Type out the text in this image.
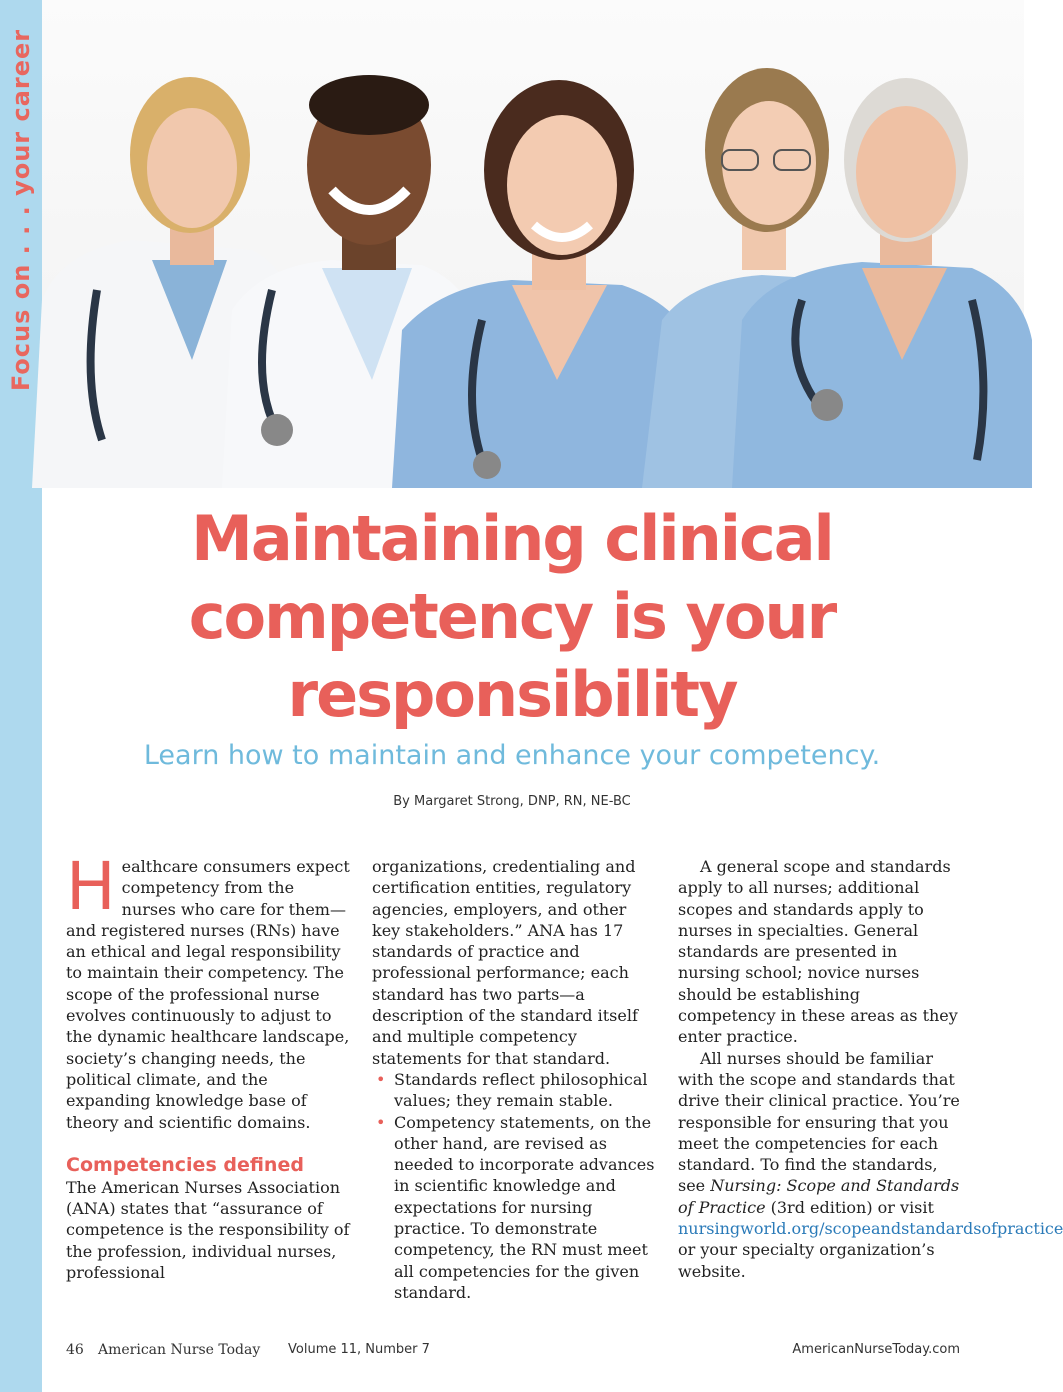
Focus on . . . your career
Maintaining clinical competency is your responsibility

Learn how to maintain and enhance your competency.

By Margaret Strong, DNP, RN, NE-BC

Healthcare consumers expect competency from the nurses who care for them—and registered nurses (RNs) have an ethical and legal responsibility to maintain their competency. The scope of the professional nurse evolves continuously to adjust to the dynamic healthcare landscape, society’s changing needs, the political climate, and the expanding knowledge base of theory and scientific domains.

Competencies defined

The American Nurses Association (ANA) states that “assurance of competence is the responsibility of the profession, individual nurses, professional

organizations, credentialing and certification entities, regulatory agencies, employers, and other key stakeholders.” ANA has 17 standards of practice and professional performance; each standard has two parts—a description of the standard itself and multiple competency statements for that standard.

• Standards reflect philosophical values; they remain stable.
• Competency statements, on the other hand, are revised as needed to incorporate advances in scientific knowledge and expectations for nursing practice. To demonstrate competency, the RN must meet all competencies for the given standard.

A general scope and standards apply to all nurses; additional scopes and standards apply to nurses in specialties. General standards are presented in nursing school; novice nurses should be establishing competency in these areas as they enter practice.

All nurses should be familiar with the scope and standards that drive their clinical practice. You’re responsible for ensuring that you meet the competencies for each standard. To find the standards, see Nursing: Scope and Standards of Practice (3rd edition) or visit nursingworld.org/scopeandstandardsofpractice or your specialty organization’s website.

46 American Nurse Today Volume 11, Number 7	AmericanNurseToday.com
